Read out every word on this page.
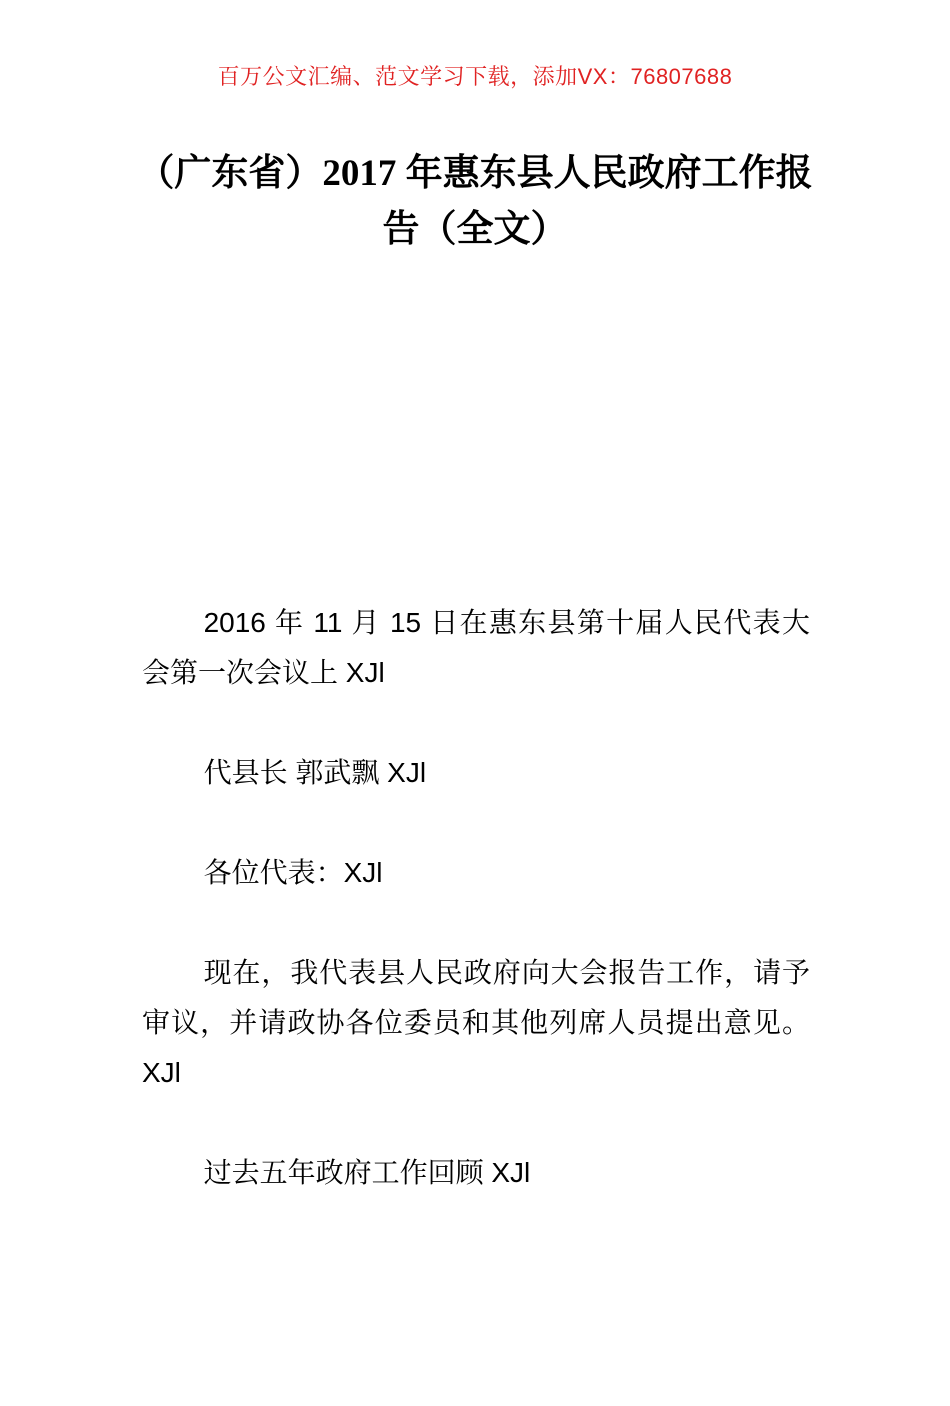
百万公文汇编、范文学习下载，添加VX：76807688
（广东省）2017 年惠东县人民政府工作报
告（全文）

2016 年 11 月 15 日在惠东县第十届人民代表大会第一次会议上 XJl

代县长 郭武飘 XJl

各位代表：XJl

现在，我代表县人民政府向大会报告工作，请予审议，并请政协各位委员和其他列席人员提出意见。XJl

过去五年政府工作回顾 XJl
